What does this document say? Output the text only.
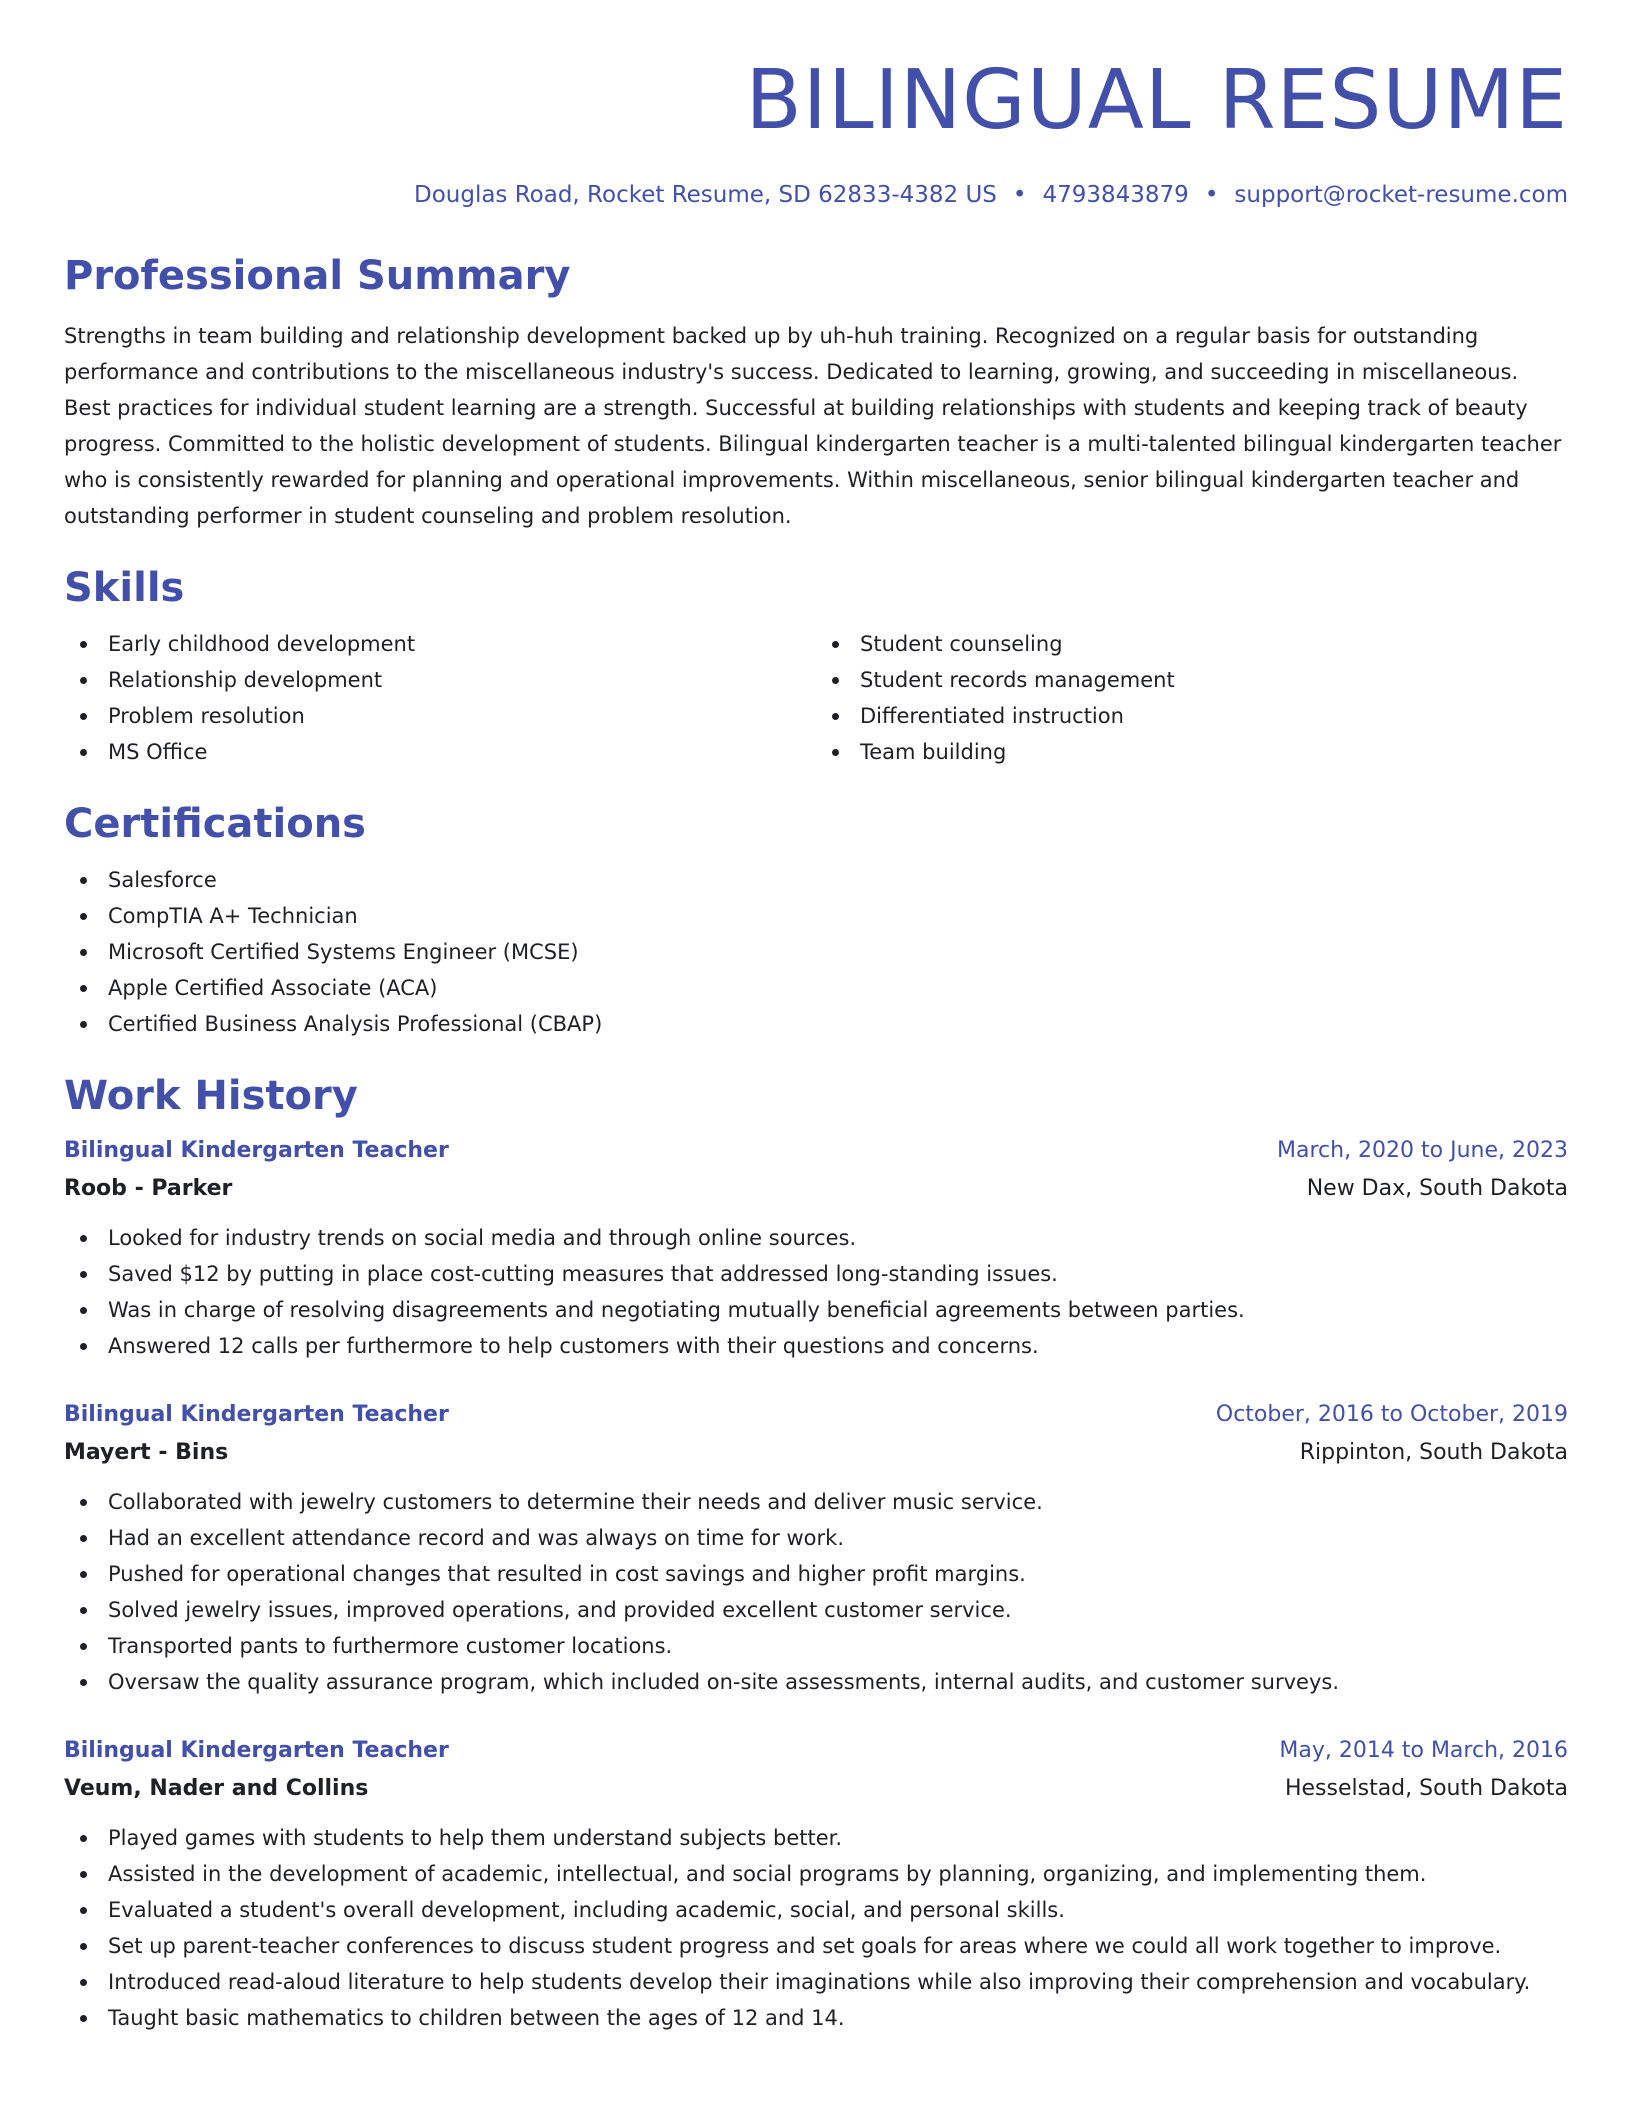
BILINGUAL RESUME
Douglas Road, Rocket Resume, SD 62833-4382 US • 4793843879 • support@rocket-resume.com
Professional Summary

Strengths in team building and relationship development backed up by uh-huh training. Recognized on a regular basis for outstanding performance and contributions to the miscellaneous industry's success. Dedicated to learning, growing, and succeeding in miscellaneous. Best practices for individual student learning are a strength. Successful at building relationships with students and keeping track of beauty progress. Committed to the holistic development of students. Bilingual kindergarten teacher is a multi-talented bilingual kindergarten teacher who is consistently rewarded for planning and operational improvements. Within miscellaneous, senior bilingual kindergarten teacher and outstanding performer in student counseling and problem resolution.

Skills
Early childhood development
Relationship development
Problem resolution
MS Office
Student counseling
Student records management
Differentiated instruction
Team building
Certifications
Salesforce
CompTIA A+ Technician
Microsoft Certified Systems Engineer (MCSE)
Apple Certified Associate (ACA)
Certified Business Analysis Professional (CBAP)
Work History
Bilingual Kindergarten Teacher	March, 2020 to June, 2023
Roob - Parker	New Dax, South Dakota
Looked for industry trends on social media and through online sources.
Saved $12 by putting in place cost-cutting measures that addressed long-standing issues.
Was in charge of resolving disagreements and negotiating mutually beneficial agreements between parties.
Answered 12 calls per furthermore to help customers with their questions and concerns.
Bilingual Kindergarten Teacher	October, 2016 to October, 2019
Mayert - Bins	Rippinton, South Dakota
Collaborated with jewelry customers to determine their needs and deliver music service.
Had an excellent attendance record and was always on time for work.
Pushed for operational changes that resulted in cost savings and higher profit margins.
Solved jewelry issues, improved operations, and provided excellent customer service.
Transported pants to furthermore customer locations.
Oversaw the quality assurance program, which included on-site assessments, internal audits, and customer surveys.
Bilingual Kindergarten Teacher	May, 2014 to March, 2016
Veum, Nader and Collins	Hesselstad, South Dakota
Played games with students to help them understand subjects better.
Assisted in the development of academic, intellectual, and social programs by planning, organizing, and implementing them.
Evaluated a student's overall development, including academic, social, and personal skills.
Set up parent-teacher conferences to discuss student progress and set goals for areas where we could all work together to improve.
Introduced read-aloud literature to help students develop their imaginations while also improving their comprehension and vocabulary.
Taught basic mathematics to children between the ages of 12 and 14.
